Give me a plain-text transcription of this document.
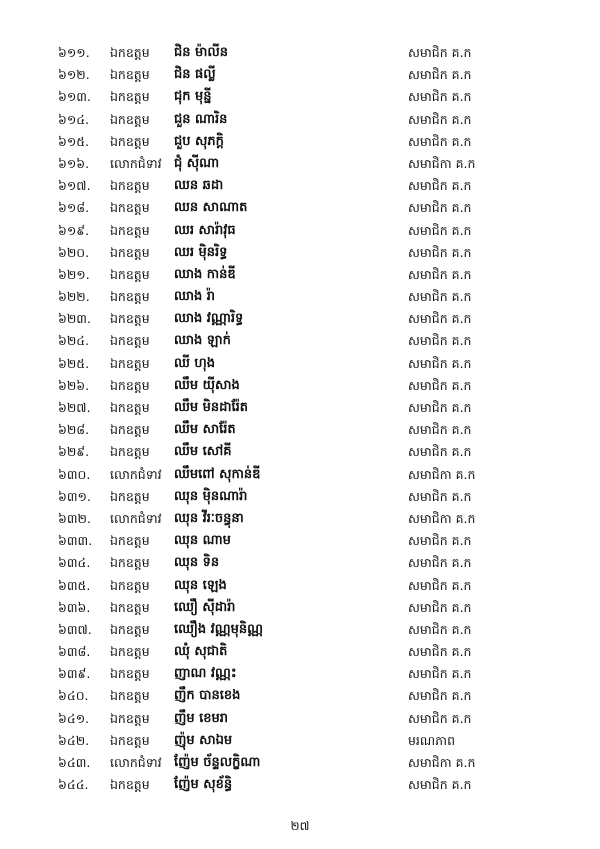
៦១១. ឯកឧត្តម ជិន ម៉ាលីន	សមាជិក គ.ក
៦១២. ឯកឧត្តម ជិន ផល្លី	សមាជិក គ.ក
៦១៣. ឯកឧត្តម ជុក មុន្នី	សមាជិក គ.ក
៦១៤. ឯកឧត្តម ជួន ណារិន	សមាជិក គ.ក
៦១៥. ឯកឧត្តម ជួប សុភក្តិ	សមាជិក គ.ក
៦១៦. លោកជំទាវ ជុំ ស៊ីណា	សមាជិកា គ.ក
៦១៧. ឯកឧត្តម ឈន ឆដា	សមាជិក គ.ក
៦១៨. ឯកឧត្តម ឈន សាណាត	សមាជិក គ.ក
៦១៩. ឯកឧត្តម ឈរ សារ៉ាវុធ	សមាជិក គ.ក
៦២០. ឯកឧត្តម ឈរ ម៉ិនរិទ្ធ	សមាជិក គ.ក
៦២១. ឯកឧត្តម ឈាង កាន់ឌី	សមាជិក គ.ក
៦២២. ឯកឧត្តម ឈាង រ៉ា	សមាជិក គ.ក
៦២៣. ឯកឧត្តម ឈាង វណ្ណារិទ្ធ	សមាជិក គ.ក
៦២៤. ឯកឧត្តម ឈាង ឡាក់	សមាជិក គ.ក
៦២៥. ឯកឧត្តម ឈី ហុង	សមាជិក គ.ក
៦២៦. ឯកឧត្តម ឈឹម យ៉ីសាង	សមាជិក គ.ក
៦២៧. ឯកឧត្តម ឈឹម មិនដារ៉ែត	សមាជិក គ.ក
៦២៨. ឯកឧត្តម ឈឹម សារ៉ែត	សមាជិក គ.ក
៦២៩. ឯកឧត្តម ឈឹម សៅគី	សមាជិក គ.ក
៦៣០. លោកជំទាវ ឈឹមពៅ សុកាន់ឌី	សមាជិកា គ.ក
៦៣១. ឯកឧត្តម ឈុន ម៉ិនណារ៉ា	សមាជិក គ.ក
៦៣២. លោកជំទាវ ឈុន វីរៈចន្ធុនា	សមាជិកា គ.ក
៦៣៣. ឯកឧត្តម ឈុន ណាម	សមាជិក គ.ក
៦៣៤. ឯកឧត្តម ឈុន ទិន	សមាជិក គ.ក
៦៣៥. ឯកឧត្តម ឈុន ឡេង	សមាជិក គ.ក
៦៣៦. ឯកឧត្តម ឈឿ ស៊ីដារ៉ា	សមាជិក គ.ក
៦៣៧. ឯកឧត្តម ឈឿង វណ្ណមុនិណ្ណ	សមាជិក គ.ក
៦៣៨. ឯកឧត្តម ឈុំ សុជាតិ	សមាជិក គ.ក
៦៣៩. ឯកឧត្តម ញាណ វណ្ណះ	សមាជិក គ.ក
៦៤០. ឯកឧត្តម ញឹក បានខេង	សមាជិក គ.ក
៦៤១. ឯកឧត្តម ញឹម ខេមរា	សមាជិក គ.ក
៦៤២. ឯកឧត្តម ញ៉ុម សាឯម	មរណភាព
៦៤៣. លោកជំទាវ ញ៉ែម ច័ន្ទលក្ខិណា	សមាជិកា គ.ក
៦៤៤. ឯកឧត្តម ញ៉ែម សុខ័ន្ធិ	សមាជិក គ.ក
២៧
